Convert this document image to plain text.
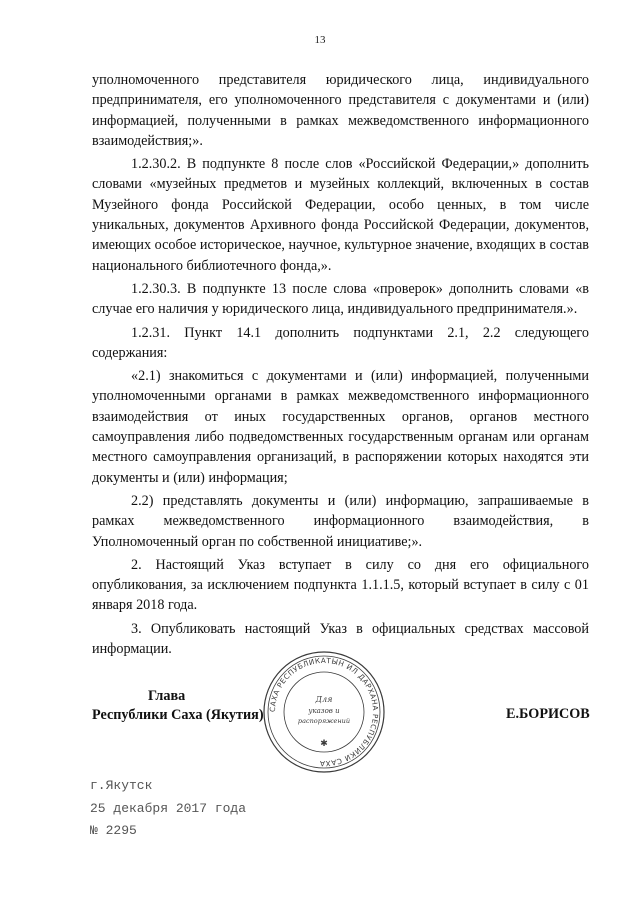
13

уполномоченного представителя юридического лица, индивидуального предпринимателя, его уполномоченного представителя с документами и (или) информацией, полученными в рамках межведомственного информационного взаимодействия;».

1.2.30.2. В подпункте 8 после слов «Российской Федерации,» дополнить словами «музейных предметов и музейных коллекций, включенных в состав Музейного фонда Российской Федерации, особо ценных, в том числе уникальных, документов Архивного фонда Российской Федерации, документов, имеющих особое историческое, научное, культурное значение, входящих в состав национального библиотечного фонда,».

1.2.30.3. В подпункте 13 после слова «проверок» дополнить словами «в случае его наличия у юридического лица, индивидуального предпринимателя.».

1.2.31. Пункт 14.1 дополнить подпунктами 2.1, 2.2 следующего содержания:

«2.1) знакомиться с документами и (или) информацией, полученными уполномоченными органами в рамках межведомственного информационного взаимодействия от иных государственных органов, органов местного самоуправления либо подведомственных государственным органам или органам местного самоуправления организаций, в распоряжении которых находятся эти документы и (или) информация;

2.2) представлять документы и (или) информацию, запрашиваемые в рамках межведомственного информационного взаимодействия, в Уполномоченный орган по собственной инициативе;».

2. Настоящий Указ вступает в силу со дня его официального опубликования, за исключением подпункта 1.1.1.5, который вступает в силу с 01 января 2018 года.

3. Опубликовать настоящий Указ в официальных средствах массовой информации.

САХА РЕСПУБЛИКАТЫН ИЛ ДАРХАНА РЕСПУБЛИКИ САХА
Для
указов и
распоряжений
✱
Глава
Республики Саха (Якутия)	Е.БОРИСОВ
г.Якутск
25 декабря 2017 года
№ 2295
